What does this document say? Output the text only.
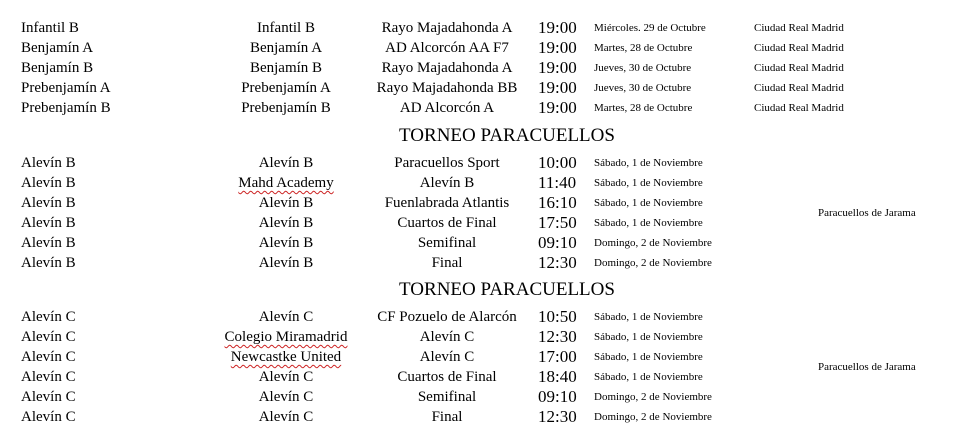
Infantil B	Infantil B	Rayo Majadahonda A 19:00 Miércoles. 29 de Octubre	Ciudad Real Madrid
Benjamín A	Benjamín A	AD Alcorcón AA F7 19:00 Martes, 28 de Octubre	Ciudad Real Madrid
Benjamín B	Benjamín B	Rayo Majadahonda A 19:00 Jueves, 30 de Octubre	Ciudad Real Madrid
Prebenjamín A	Prebenjamín A	Rayo Majadahonda BB 19:00 Jueves, 30 de Octubre	Ciudad Real Madrid
Prebenjamín B	Prebenjamín B	AD Alcorcón A	19:00 Martes, 28 de Octubre	Ciudad Real Madrid
TORNEO PARACUELLOS
Alevín B	Alevín B	Paracuellos Sport 10:00 Sábado, 1 de Noviembre
Alevín B	Mahd Academy	Alevín B	11:40 Sábado, 1 de Noviembre
Alevín B	Alevín B	Fuenlabrada Atlantis 16:10 Sábado, 1 de Noviembre
Alevín B	Alevín B	Cuartos de Final 17:50 Sábado, 1 de Noviembre
Alevín B	Alevín B	Semifinal	09:10 Domingo, 2 de Noviembre
Alevín B	Alevín B	Final	12:30 Domingo, 2 de Noviembre
Paracuellos de Jarama
TORNEO PARACUELLOS
Alevín C	Alevín C	CF Pozuelo de Alarcón 10:50 Sábado, 1 de Noviembre
Alevín C	Colegio Miramadrid	Alevín C	12:30 Sábado, 1 de Noviembre
Alevín C	Newcastke United	Alevín C	17:00 Sábado, 1 de Noviembre
Alevín C	Alevín C	Cuartos de Final 18:40 Sábado, 1 de Noviembre
Alevín C	Alevín C	Semifinal	09:10 Domingo, 2 de Noviembre
Alevín C	Alevín C	Final	12:30 Domingo, 2 de Noviembre
Paracuellos de Jarama
